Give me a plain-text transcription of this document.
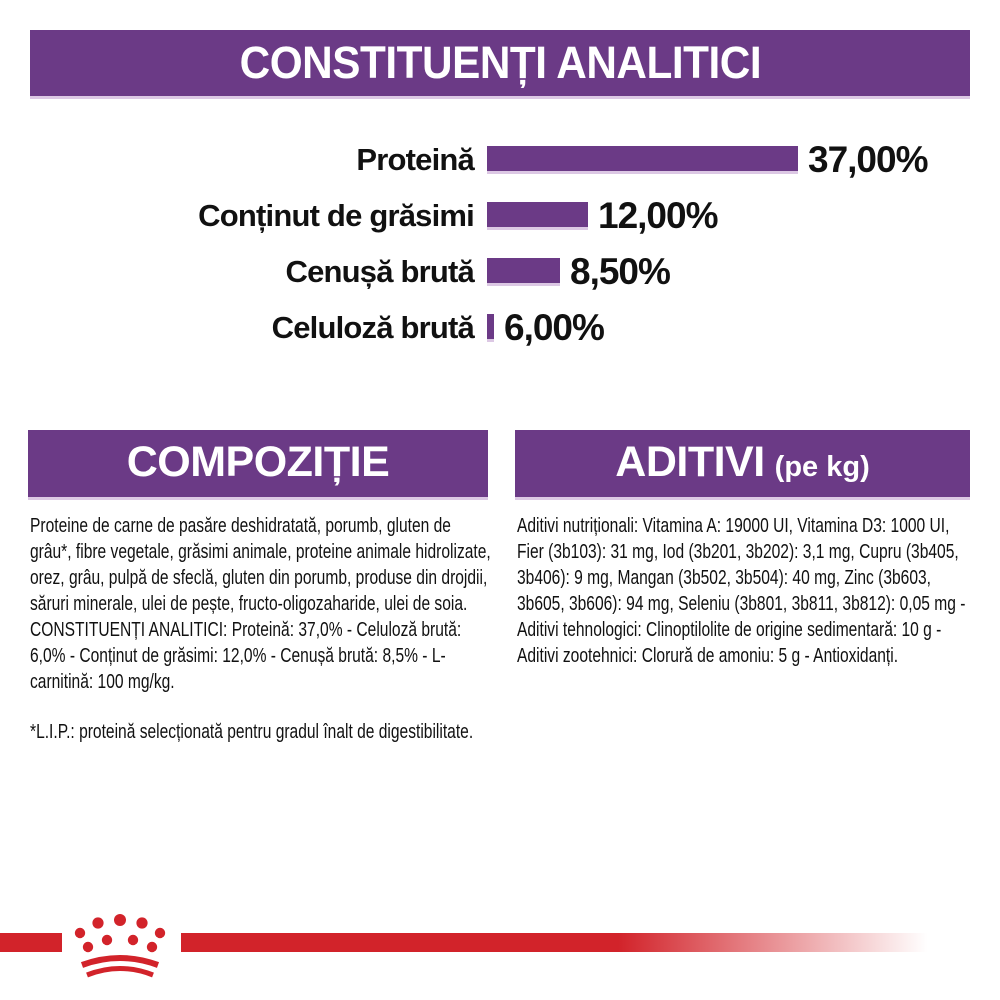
CONSTITUENȚI ANALITICI
Proteină	37,00%
Conținut de grăsimi	12,00%
Cenușă brută	8,50%
Celuloză brută 6,00%
COMPOZIȚIE	ADITIVI (pe kg)

Proteine de carne de pasăre deshidratată, porumb, gluten de grâu*, fibre vegetale, grăsimi animale, proteine animale hidrolizate, orez, grâu, pulpă de sfeclă, gluten din porumb, produse din drojdii, săruri minerale, ulei de pește, fructo-oligozaharide, ulei de soia.

CONSTITUENȚI ANALITICI: Proteină: 37,0% - Celuloză brută: 6,0% - Conținut de grăsimi: 12,0% - Cenușă brută: 8,5% - L-carnitină: 100 mg/kg.

*L.I.P.: proteină selecționată pentru gradul înalt de digestibilitate.

Aditivi nutriționali: Vitamina A: 19000 UI, Vitamina D3: 1000 UI, Fier (3b103): 31 mg, Iod (3b201, 3b202): 3,1 mg, Cupru (3b405, 3b406): 9 mg, Mangan (3b502, 3b504): 40 mg, Zinc (3b603, 3b605, 3b606): 94 mg, Seleniu (3b801, 3b811, 3b812): 0,05 mg - Aditivi tehnologici: Clinoptilolite de origine sedimentară: 10 g - Aditivi zootehnici: Clorură de amoniu: 5 g - Antioxidanți.
